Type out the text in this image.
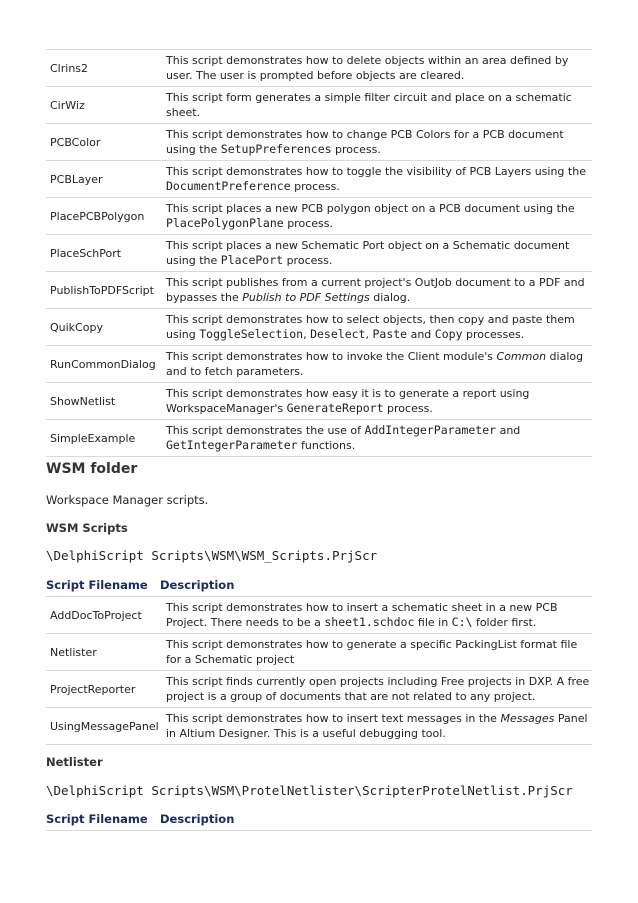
Clrins2	This script demonstrates how to delete objects within an area defined by user. The user is prompted before objects are cleared.
CirWiz	This script form generates a simple filter circuit and place on a schematic sheet.
PCBColor	This script demonstrates how to change PCB Colors for a PCB document using the SetupPreferences process.
PCBLayer	This script demonstrates how to toggle the visibility of PCB Layers using the DocumentPreference process.
PlacePCBPolygon	This script places a new PCB polygon object on a PCB document using the PlacePolygonPlane process.
PlaceSchPort	This script places a new Schematic Port object on a Schematic document using the PlacePort process.
PublishToPDFScript	This script publishes from a current project's OutJob document to a PDF and bypasses the Publish to PDF Settings dialog.
QuikCopy	This script demonstrates how to select objects, then copy and paste them using ToggleSelection, Deselect, Paste and Copy processes.
RunCommonDialog	This script demonstrates how to invoke the Client module's Common dialog and to fetch parameters.
ShowNetlist	This script demonstrates how easy it is to generate a report using WorkspaceManager's GenerateReport process.
SimpleExample	This script demonstrates the use of AddIntegerParameter and GetIntegerParameter functions.
WSM folder
Workspace Manager scripts.
WSM Scripts
\DelphiScript Scripts\WSM\WSM_Scripts.PrjScr
Script Filename Description
AddDocToProject	This script demonstrates how to insert a schematic sheet in a new PCB Project. There needs to be a sheet1.schdoc file in C:\ folder first.
Netlister	This script demonstrates how to generate a specific PackingList format file for a Schematic project
ProjectReporter	This script finds currently open projects including Free projects in DXP. A free project is a group of documents that are not related to any project.
UsingMessagePanel	This script demonstrates how to insert text messages in the Messages Panel in Altium Designer. This is a useful debugging tool.
Netlister
\DelphiScript Scripts\WSM\ProtelNetlister\ScripterProtelNetlist.PrjScr
Script Filename Description
